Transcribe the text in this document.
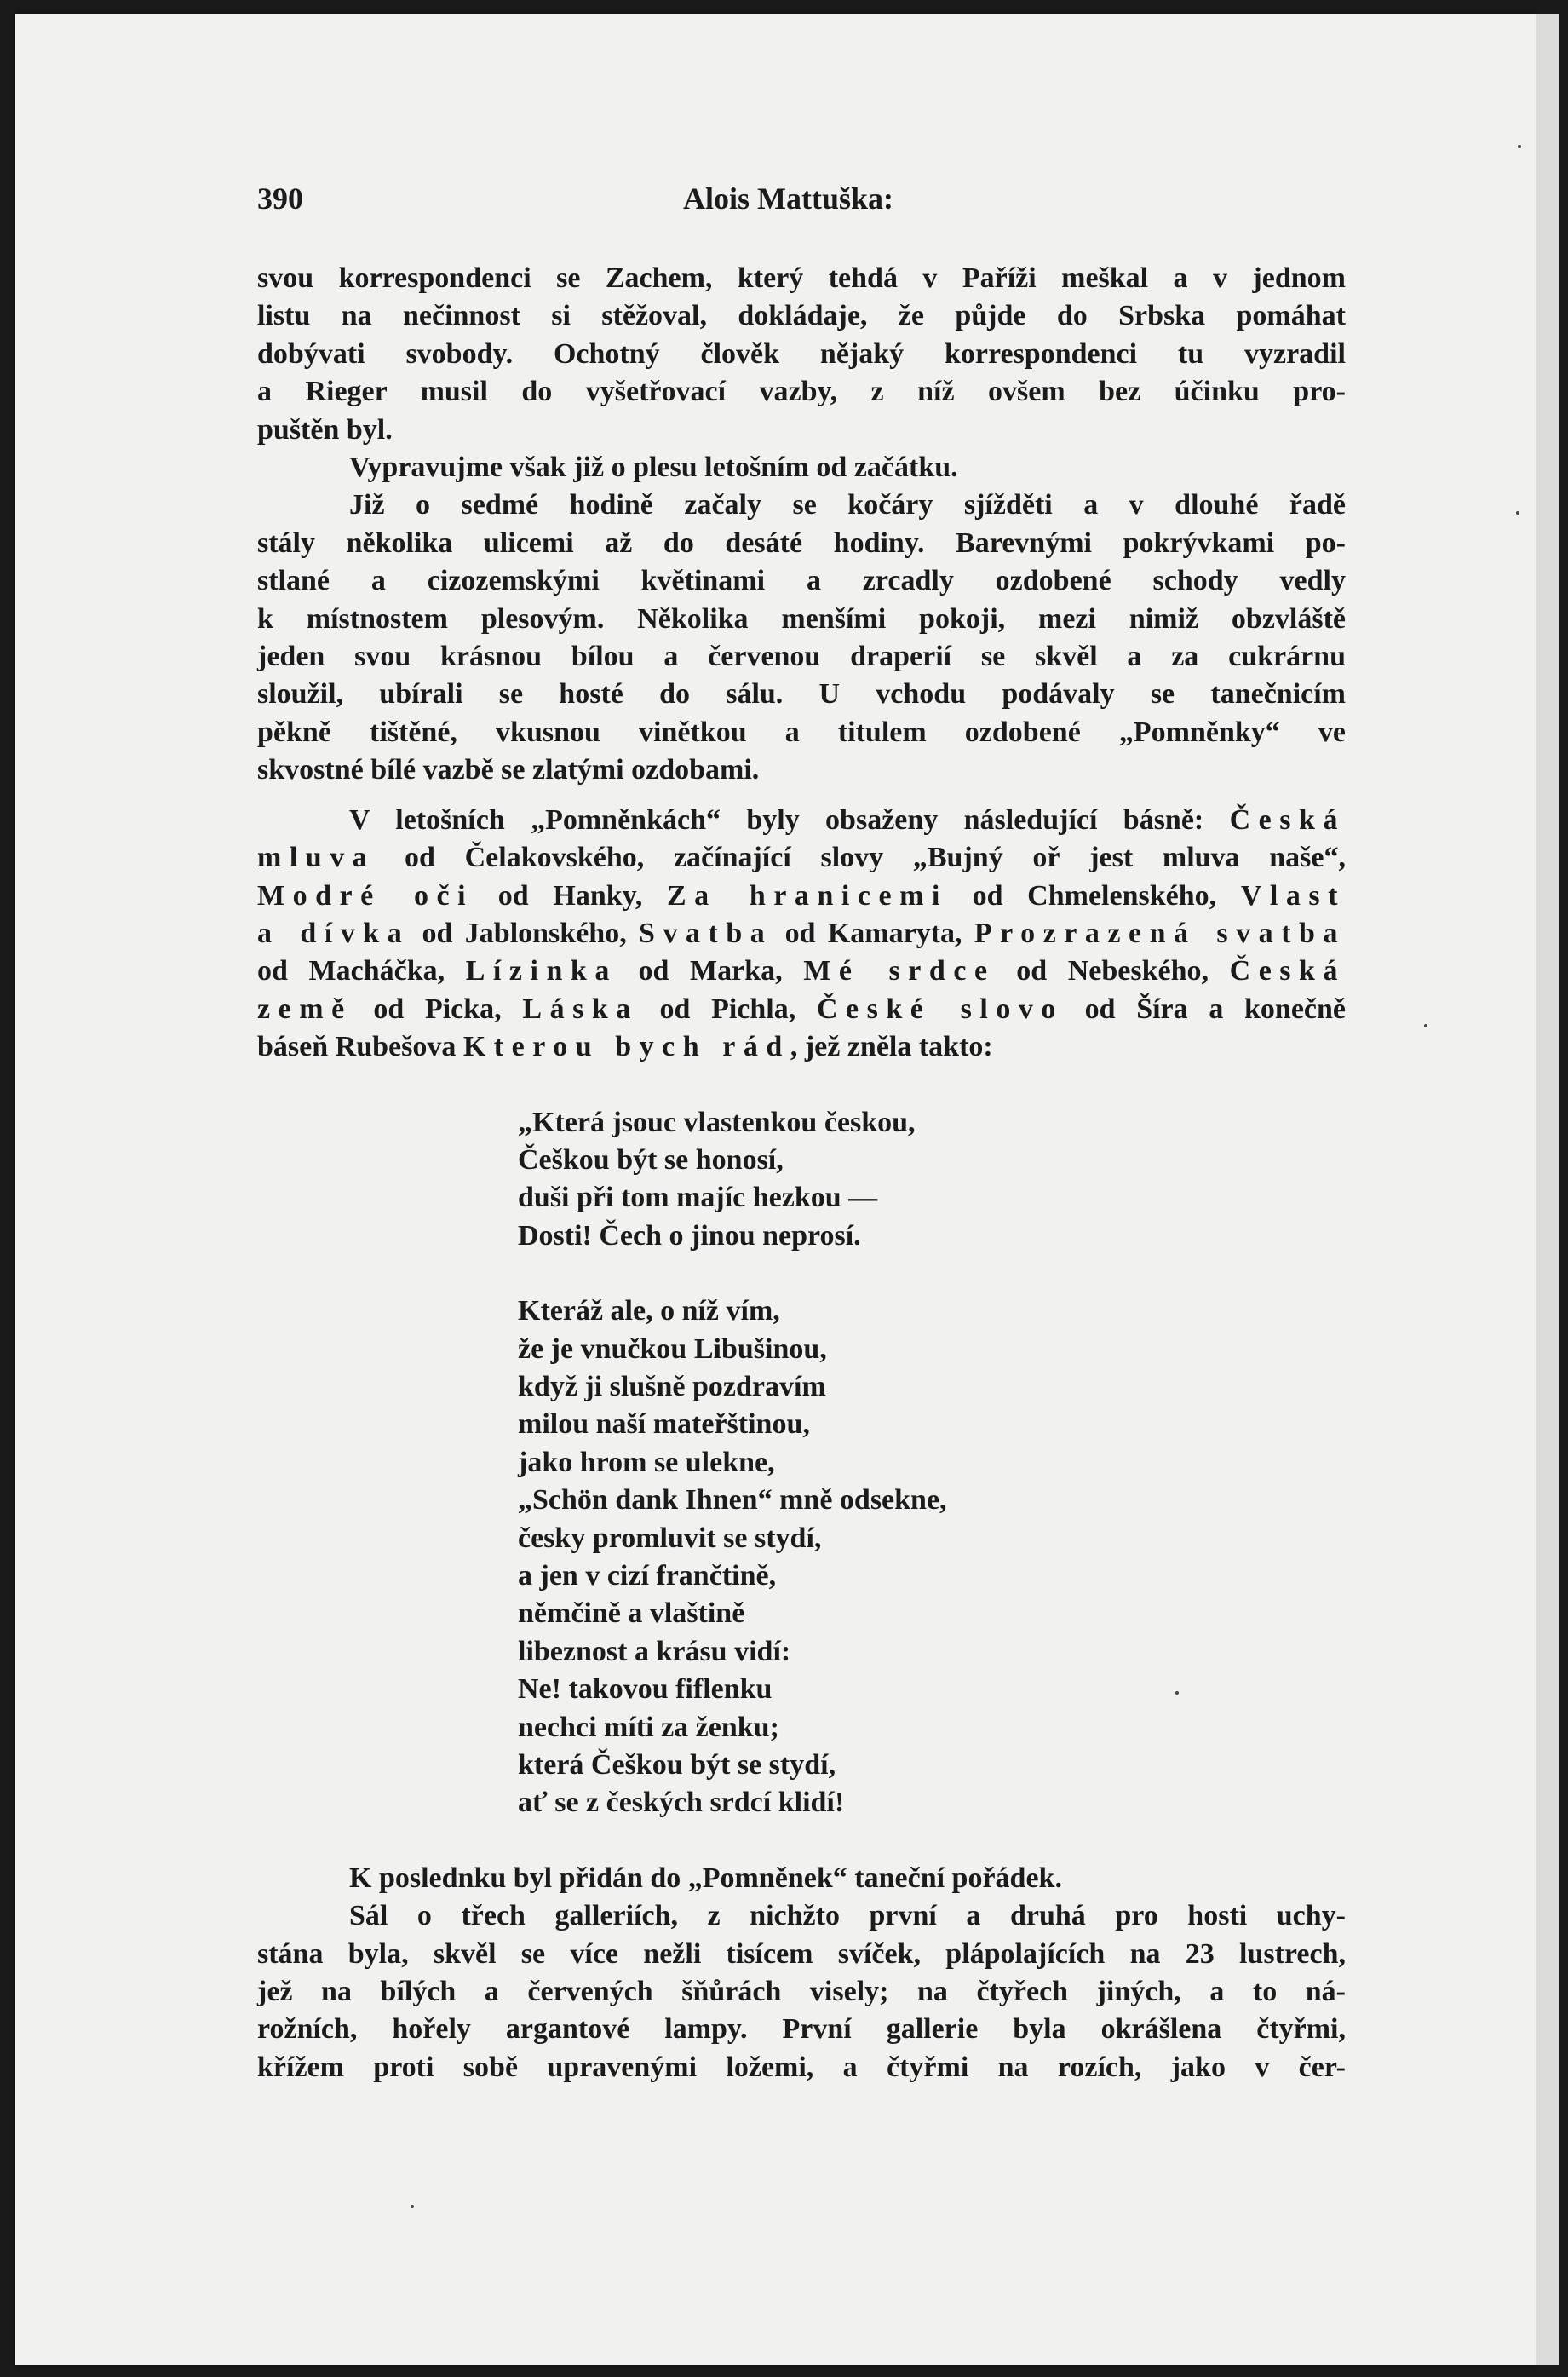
390	Alois Mattuška:

svou korrespondenci se Zachem, který tehdá v Paříži meškal a v jednom

listu na nečinnost si stěžoval, dokládaje, že půjde do Srbska pomáhat

dobývati svobody. Ochotný člověk nějaký korrespondenci tu vyzradil

a Rieger musil do vyšetřovací vazby, z níž ovšem bez účinku pro-

puštěn byl.

Vypravujme však již o plesu letošním od začátku.

Již o sedmé hodině začaly se kočáry sjížděti a v dlouhé řadě

stály několika ulicemi až do desáté hodiny. Barevnými pokrývkami po-

stlané a cizozemskými květinami a zrcadly ozdobené schody vedly

k místnostem plesovým. Několika menšími pokoji, mezi nimiž obzvláště

jeden svou krásnou bílou a červenou draperií se skvěl a za cukrárnu

sloužil, ubírali se hosté do sálu. U vchodu podávaly se tanečnicím

pěkně tištěné, vkusnou vinětkou a titulem ozdobené „Pomněnky“ ve

skvostné bílé vazbě se zlatými ozdobami.

V letošních „Pomněnkách“ byly obsaženy následující básně: Česká

mluva od Čelakovského, začínající slovy „Bujný oř jest mluva naše“,

Modré oči od Hanky, Za hranicemi od Chmelenského, Vlast

a dívka od Jablonského, Svatba od Kamaryta, Prozrazená svatba

od Macháčka, Lízinka od Marka, Mé srdce od Nebeského, Česká

země od Picka, Láska od Pichla, České slovo od Šíra a konečně

báseň Rubešova Kterou bych rád, jež zněla takto:

„Která jsouc vlastenkou českou,

Češkou být se honosí,

duši při tom majíc hezkou —

Dosti! Čech o jinou neprosí.

Kteráž ale, o níž vím,

že je vnučkou Libušinou,

když ji slušně pozdravím

milou naší mateřštinou,

jako hrom se ulekne,

„Schön dank Ihnen“ mně odsekne,

česky promluvit se stydí,

a jen v cizí frančtině,

němčině a vlaštině

libeznost a krásu vidí:

Ne! takovou fiflenku

nechci míti za ženku;

která Češkou být se stydí,

ať se z českých srdcí klidí!

K poslednku byl přidán do „Pomněnek“ taneční pořádek.

Sál o třech galleriích, z nichžto první a druhá pro hosti uchy-

stána byla, skvěl se více nežli tisícem svíček, plápolajících na 23 lustrech,

jež na bílých a červených šňůrách visely; na čtyřech jiných, a to ná-

rožních, hořely argantové lampy. První gallerie byla okrášlena čtyřmi,

křížem proti sobě upravenými ložemi, a čtyřmi na rozích, jako v čer-
